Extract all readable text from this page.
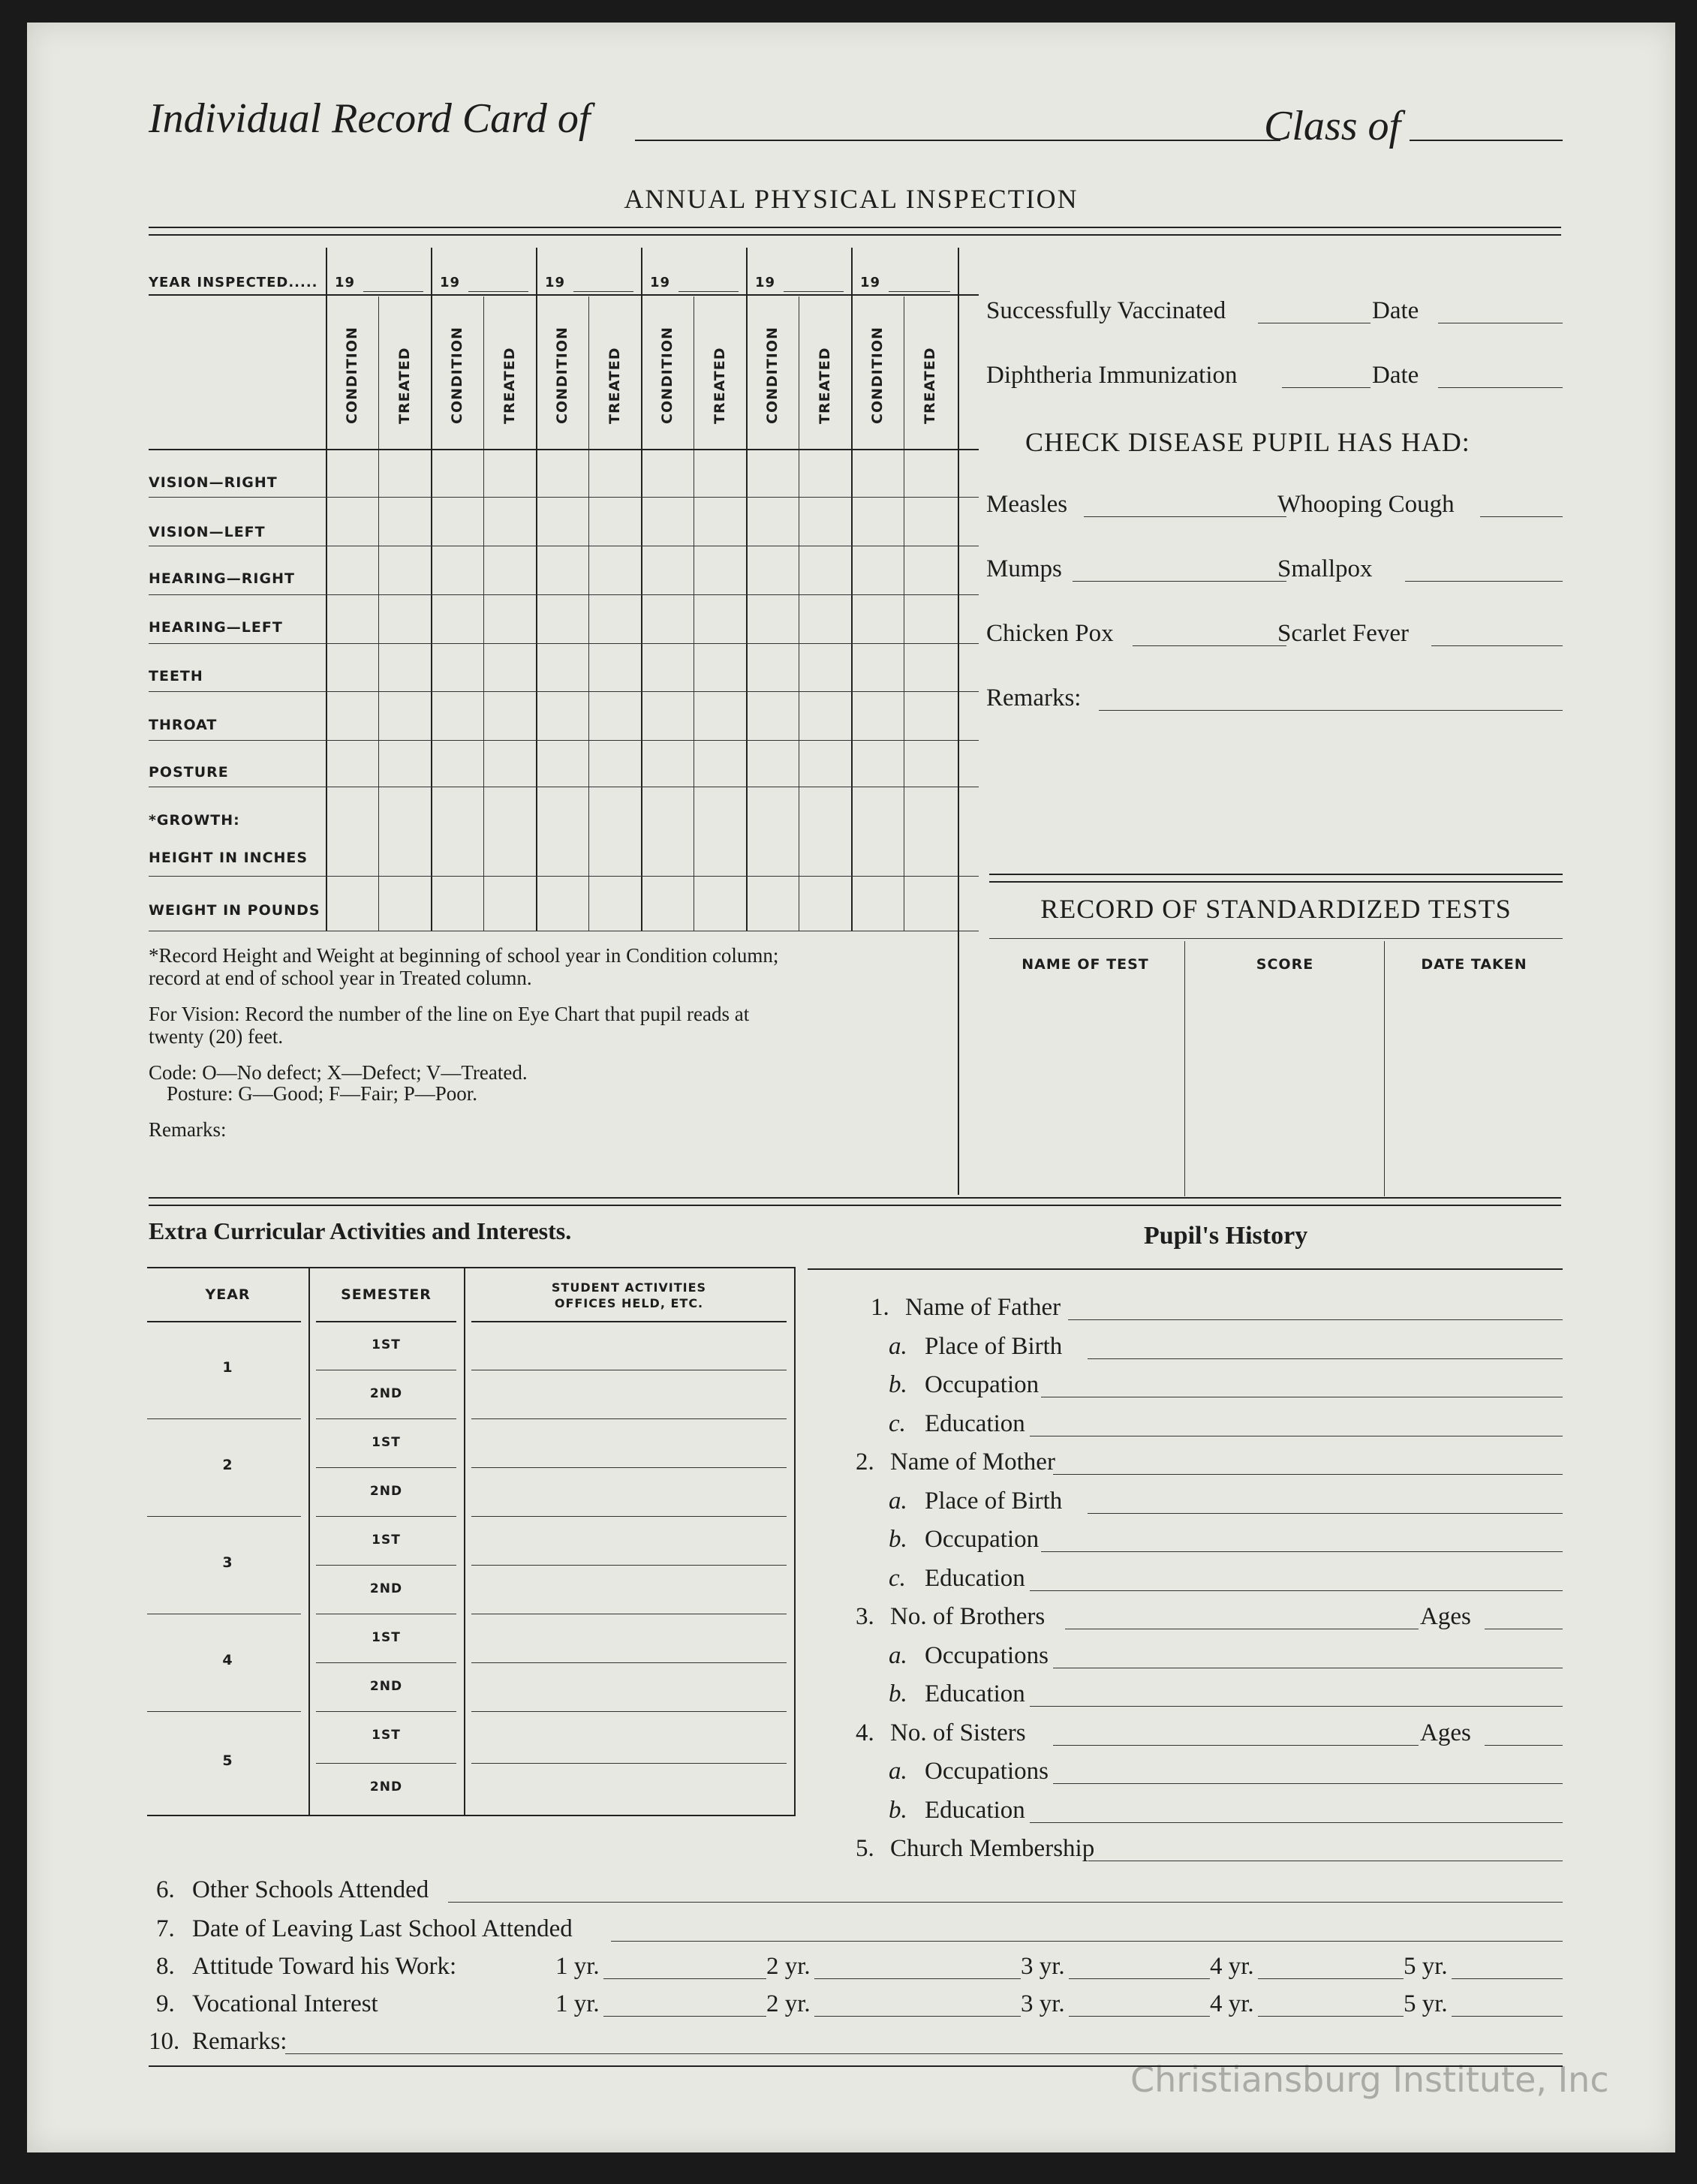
Individual Record Card of	Class of
ANNUAL PHYSICAL INSPECTION
Christiansburg Institute, Inc
YEAR INSPECTED..... 19	19	19	19	19	19
CONDITION	TREATED	CONDITION	TREATED	CONDITION	TREATED	CONDITION	TREATED	CONDITION	TREATED	CONDITION	TREATED
VISION—RIGHT
VISION—LEFT
HEARING—RIGHT
HEARING—LEFT
TEETH
THROAT
POSTURE
*GROWTH:
HEIGHT IN INCHES
WEIGHT IN POUNDS
*Record Height and Weight at beginning of school year in Condition column;
record at end of school year in Treated column.
For Vision: Record the number of the line on Eye Chart that pupil reads at
twenty (20) feet.
Code: O—No defect; X—Defect; V—Treated.
Posture: G—Good; F—Fair; P—Poor.
Remarks:
Successfully Vaccinated	Date
Diphtheria Immunization	Date
CHECK DISEASE PUPIL HAS HAD:
Measles	Whooping Cough
Mumps	Smallpox
Chicken Pox	Scarlet Fever
Remarks:
RECORD OF STANDARDIZED TESTS
NAME OF TEST	SCORE	DATE TAKEN
Extra Curricular Activities and Interests.
YEAR	SEMESTER	STUDENT ACTIVITIES
OFFICES HELD, ETC.
1
1ST
2ND
2
1ST
2ND
3
1ST
2ND
4
1ST
2ND
5
1ST
2ND
Pupil's History
1. Name of Father
a. Place of Birth
b. Occupation
c. Education
2. Name of Mother
a. Place of Birth
b. Occupation
c. Education
3. No. of Brothers	Ages
a. Occupations
b. Education
4. No. of Sisters	Ages
a. Occupations
b. Education
5. Church Membership
6. Other Schools Attended
7. Date of Leaving Last School Attended
8. Attitude Toward his Work:	1 yr.	2 yr.	3 yr.	4 yr.	5 yr.
9. Vocational Interest	1 yr.	2 yr.	3 yr.	4 yr.	5 yr.
10. Remarks:
